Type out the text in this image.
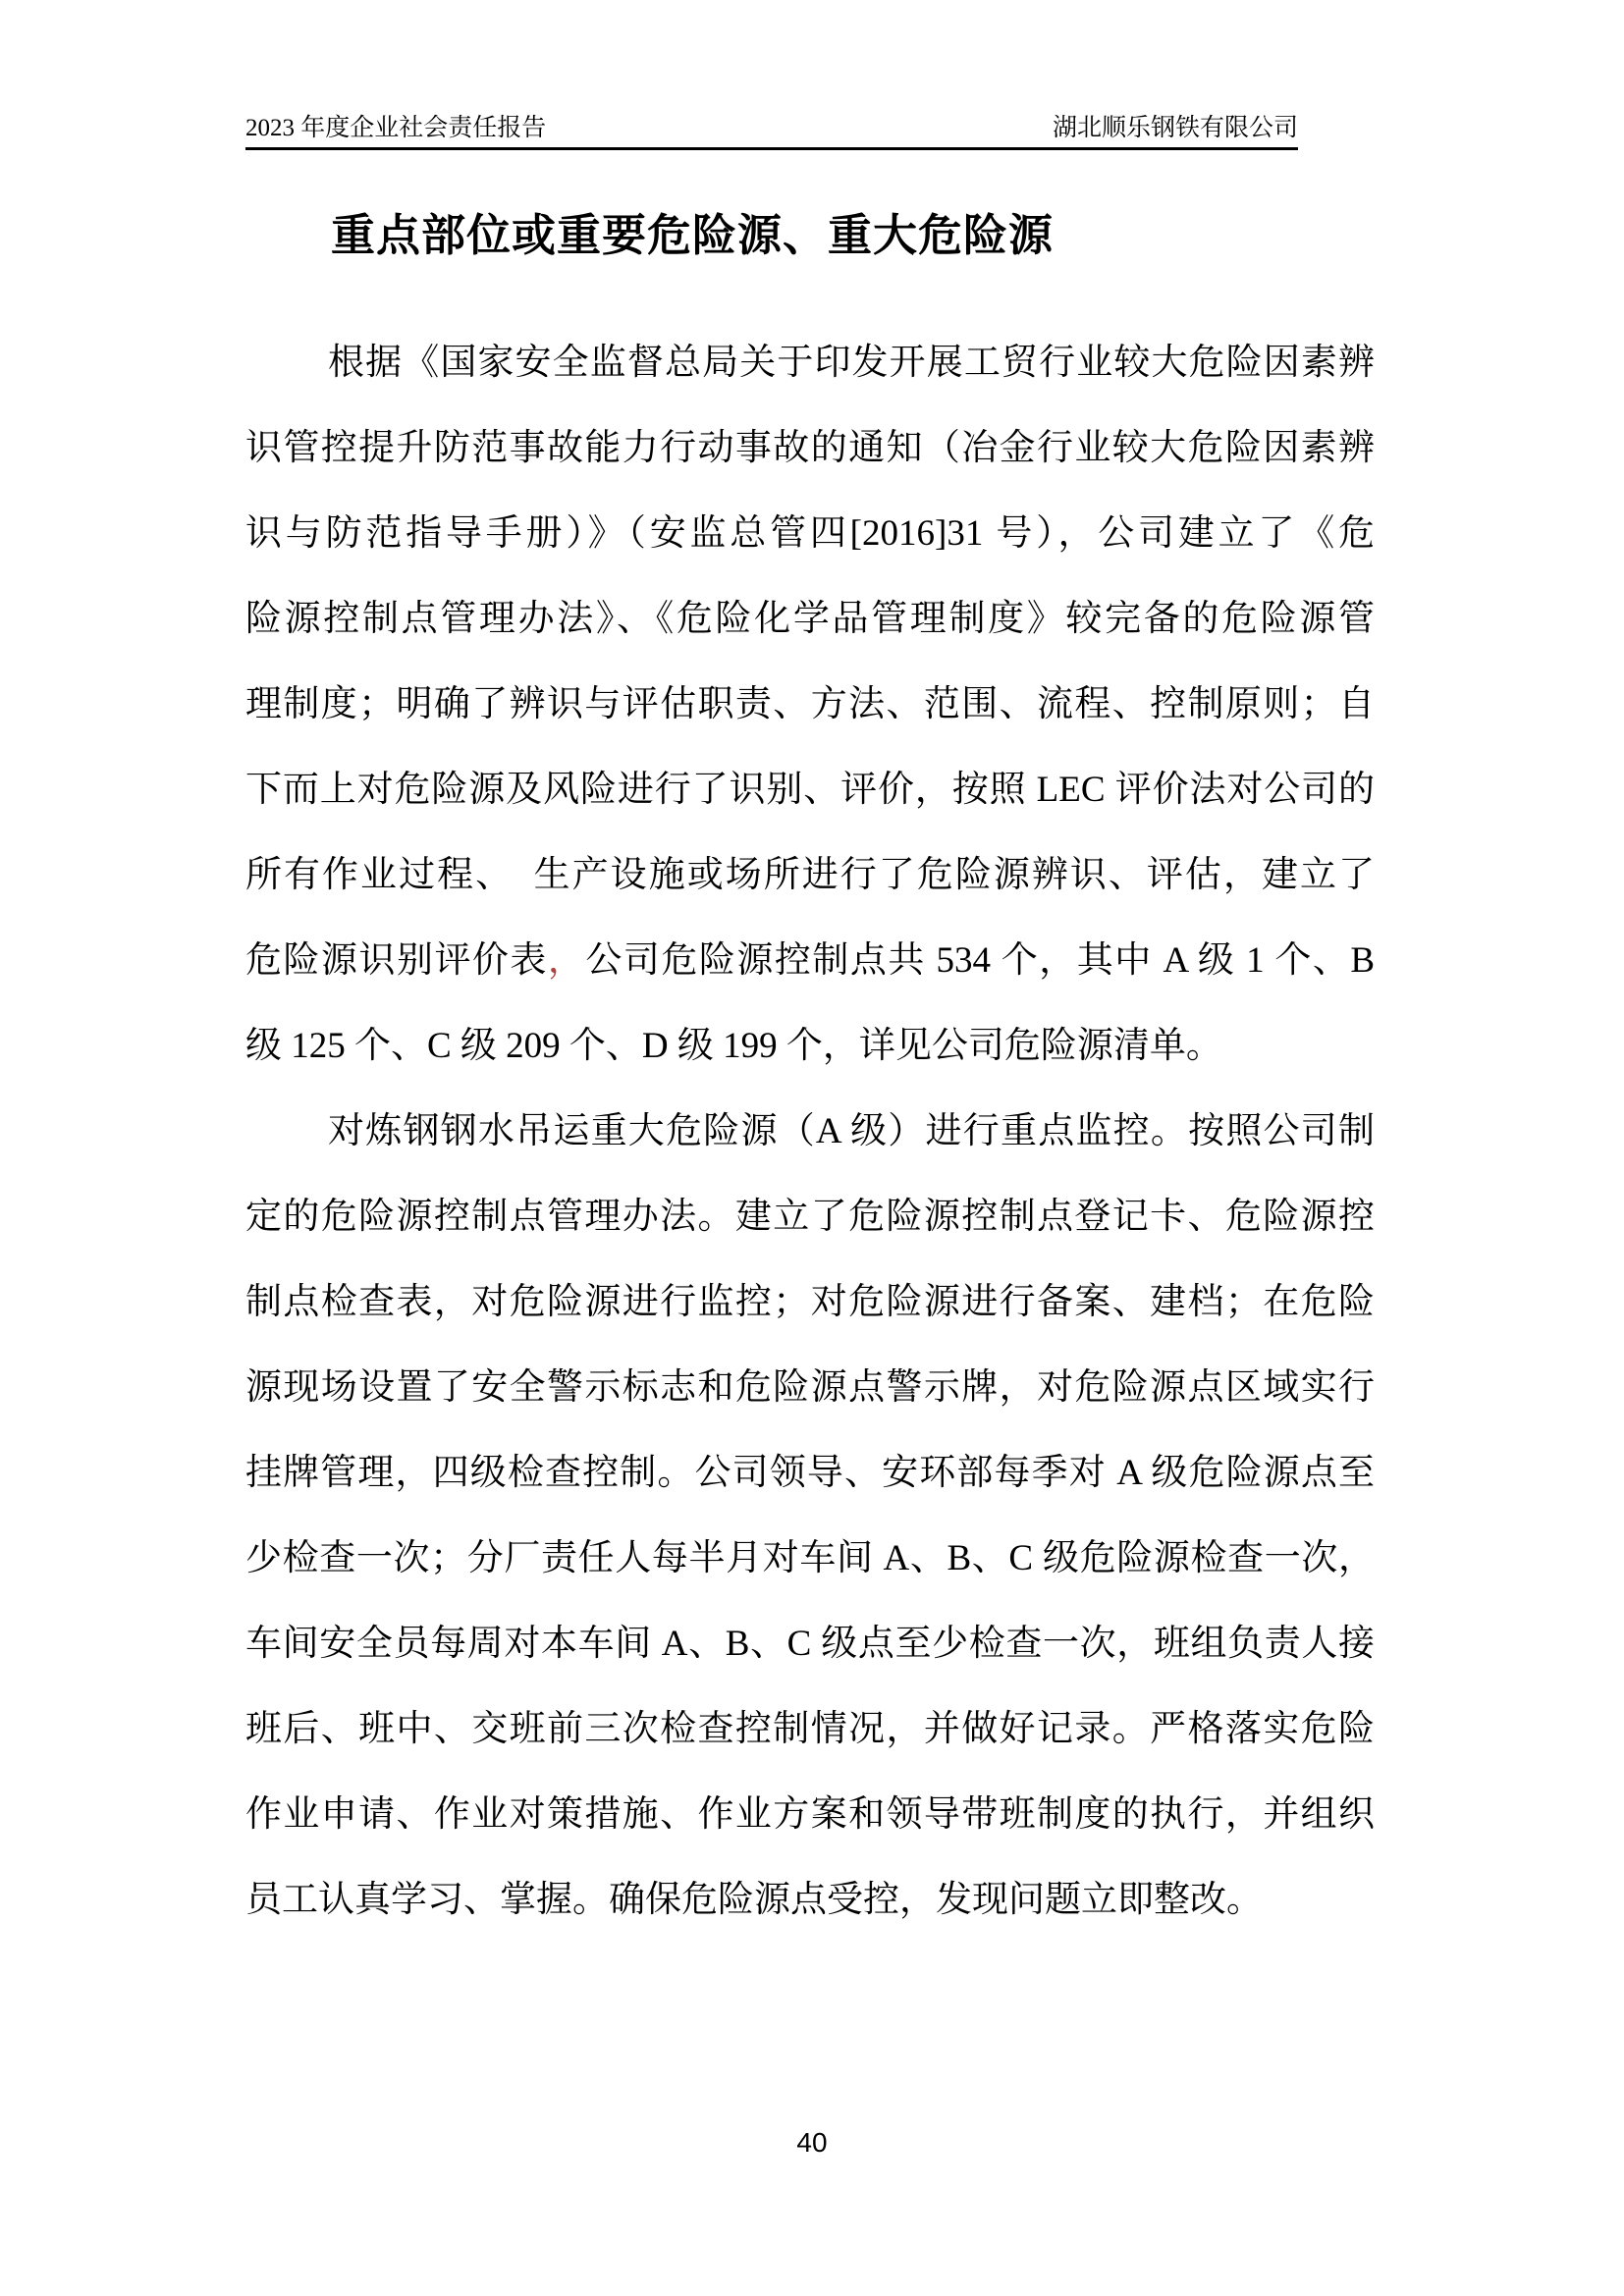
2023 年度企业社会责任报告	湖北顺乐钢铁有限公司
重点部位或重要危险源、重大危险源
根据《国家安全监督总局关于印发开展工贸行业较大危险因素辨
识管控提升防范事故能力行动事故的通知（冶金行业较大危险因素辨
识与防范指导手册）》（安监总管四[2016]31 号），公司建立了《危
险源控制点管理办法》、《危险化学品管理制度》较完备的危险源管
理制度；明确了辨识与评估职责、方法、范围、流程、控制原则；自
下而上对危险源及风险进行了识别、评价，按照 LEC 评价法对公司的
所有作业过程、　生产设施或场所进行了危险源辨识、评估，建立了
危险源识别评价表，公司危险源控制点共 534 个，其中 A 级 1 个、B
级 125 个、C 级 209 个、D 级 199 个，详见公司危险源清单。
对炼钢钢水吊运重大危险源（A 级）进行重点监控。按照公司制
定的危险源控制点管理办法。建立了危险源控制点登记卡、危险源控
制点检查表，对危险源进行监控；对危险源进行备案、建档；在危险
源现场设置了安全警示标志和危险源点警示牌，对危险源点区域实行
挂牌管理，四级检查控制。公司领导、安环部每季对 A 级危险源点至
少检查一次；分厂责任人每半月对车间 A、B、C 级危险源检查一次，
车间安全员每周对本车间 A、B、C 级点至少检查一次，班组负责人接
班后、班中、交班前三次检查控制情况，并做好记录。严格落实危险
作业申请、作业对策措施、作业方案和领导带班制度的执行，并组织
员工认真学习、掌握。确保危险源点受控，发现问题立即整改。
40
